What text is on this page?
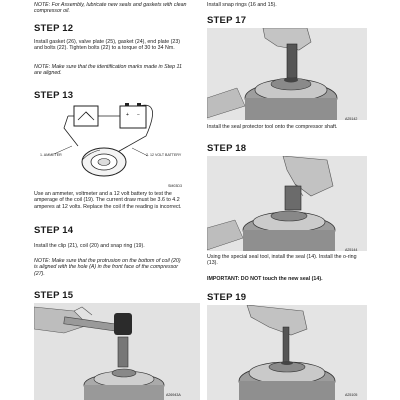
NOTE: For Assembly, lubricate new seals and gaskets with clean compressor oil.
STEP 12
Install gasket (26), valve plate (25), gasket (24), end plate (23) and bolts (22). Tighten bolts (22) to a torque of 30 to 34 Nm.
NOTE: Make sure that the identification marks made in Step 11 are aligned.
STEP 13
+ −
1. AMMETER	2. 12 VOLT BATTERY
SM03D3
Use an ammeter, voltmeter and a 12 volt battery to test the amperage of the coil (19). The current draw must be 3.6 to 4.2 amperes at 12 volts. Replace the coil if the reading is incorrect.
STEP 14
Install the clip (21), coil (20) and snap ring (19).
NOTE: Make sure that the protrusion on the bottom of coil (20) is aligned with the hole (A) in the front face of the compressor (27).
STEP 15
A26943A
Install snap rings (16 and 15).
STEP 17
A25142
Install the seal protector tool onto the compressor shaft.
STEP 18
A25144
Using the special seal tool, install the seal (14). Install the o-ring (13).
IMPORTANT: DO NOT touch the new seal (14).
STEP 19
A25105
